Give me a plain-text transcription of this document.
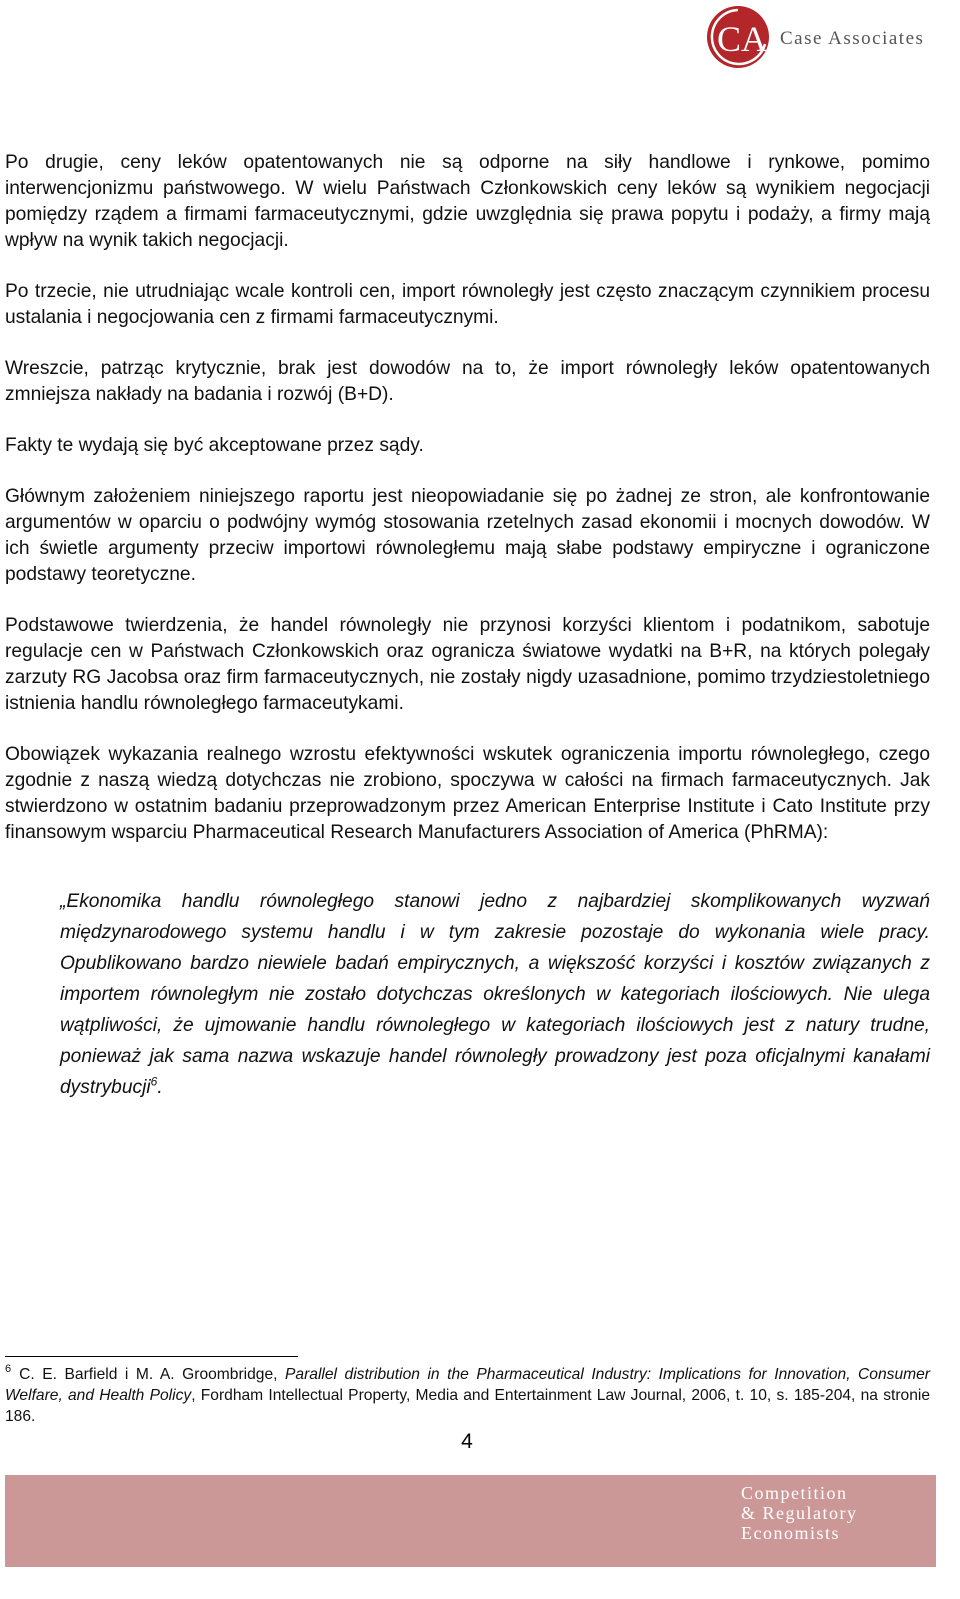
CA Case Associates

Po drugie, ceny leków opatentowanych nie są odporne na siły handlowe i rynkowe, pomimo interwencjonizmu państwowego. W wielu Państwach Członkowskich ceny leków są wynikiem negocjacji pomiędzy rządem a firmami farmaceutycznymi, gdzie uwzględnia się prawa popytu i podaży, a firmy mają wpływ na wynik takich negocjacji.

Po trzecie, nie utrudniając wcale kontroli cen, import równoległy jest często znaczącym czynnikiem procesu ustalania i negocjowania cen z firmami farmaceutycznymi.

Wreszcie, patrząc krytycznie, brak jest dowodów na to, że import równoległy leków opatentowanych zmniejsza nakłady na badania i rozwój (B+D).

Fakty te wydają się być akceptowane przez sądy.

Głównym założeniem niniejszego raportu jest nieopowiadanie się po żadnej ze stron, ale konfrontowanie argumentów w oparciu o podwójny wymóg stosowania rzetelnych zasad ekonomii i mocnych dowodów. W ich świetle argumenty przeciw importowi równoległemu mają słabe podstawy empiryczne i ograniczone podstawy teoretyczne.

Podstawowe twierdzenia, że handel równoległy nie przynosi korzyści klientom i podatnikom, sabotuje regulacje cen w Państwach Członkowskich oraz ogranicza światowe wydatki na B+R, na których polegały zarzuty RG Jacobsa oraz firm farmaceutycznych, nie zostały nigdy uzasadnione, pomimo trzydziestoletniego istnienia handlu równoległego farmaceutykami.

Obowiązek wykazania realnego wzrostu efektywności wskutek ograniczenia importu równoległego, czego zgodnie z naszą wiedzą dotychczas nie zrobiono, spoczywa w całości na firmach farmaceutycznych. Jak stwierdzono w ostatnim badaniu przeprowadzonym przez American Enterprise Institute i Cato Institute przy finansowym wsparciu Pharmaceutical Research Manufacturers Association of America (PhRMA):

„Ekonomika handlu równoległego stanowi jedno z najbardziej skomplikowanych wyzwań międzynarodowego systemu handlu i w tym zakresie pozostaje do wykonania wiele pracy. Opublikowano bardzo niewiele badań empirycznych, a większość korzyści i kosztów związanych z importem równoległym nie zostało dotychczas określonych w kategoriach ilościowych. Nie ulega wątpliwości, że ujmowanie handlu równoległego w kategoriach ilościowych jest z natury trudne, ponieważ jak sama nazwa wskazuje handel równoległy prowadzony jest poza oficjalnymi kanałami dystrybucji$^6$.
$^6$ C. E. Barfield i M. A. Groombridge, Parallel distribution in the Pharmaceutical Industry: Implications for Innovation, Consumer Welfare, and Health Policy, Fordham Intellectual Property, Media and Entertainment Law Journal, 2006, t. 10, s. 185-204, na stronie 186.
4
Competition
& Regulatory
Economists
